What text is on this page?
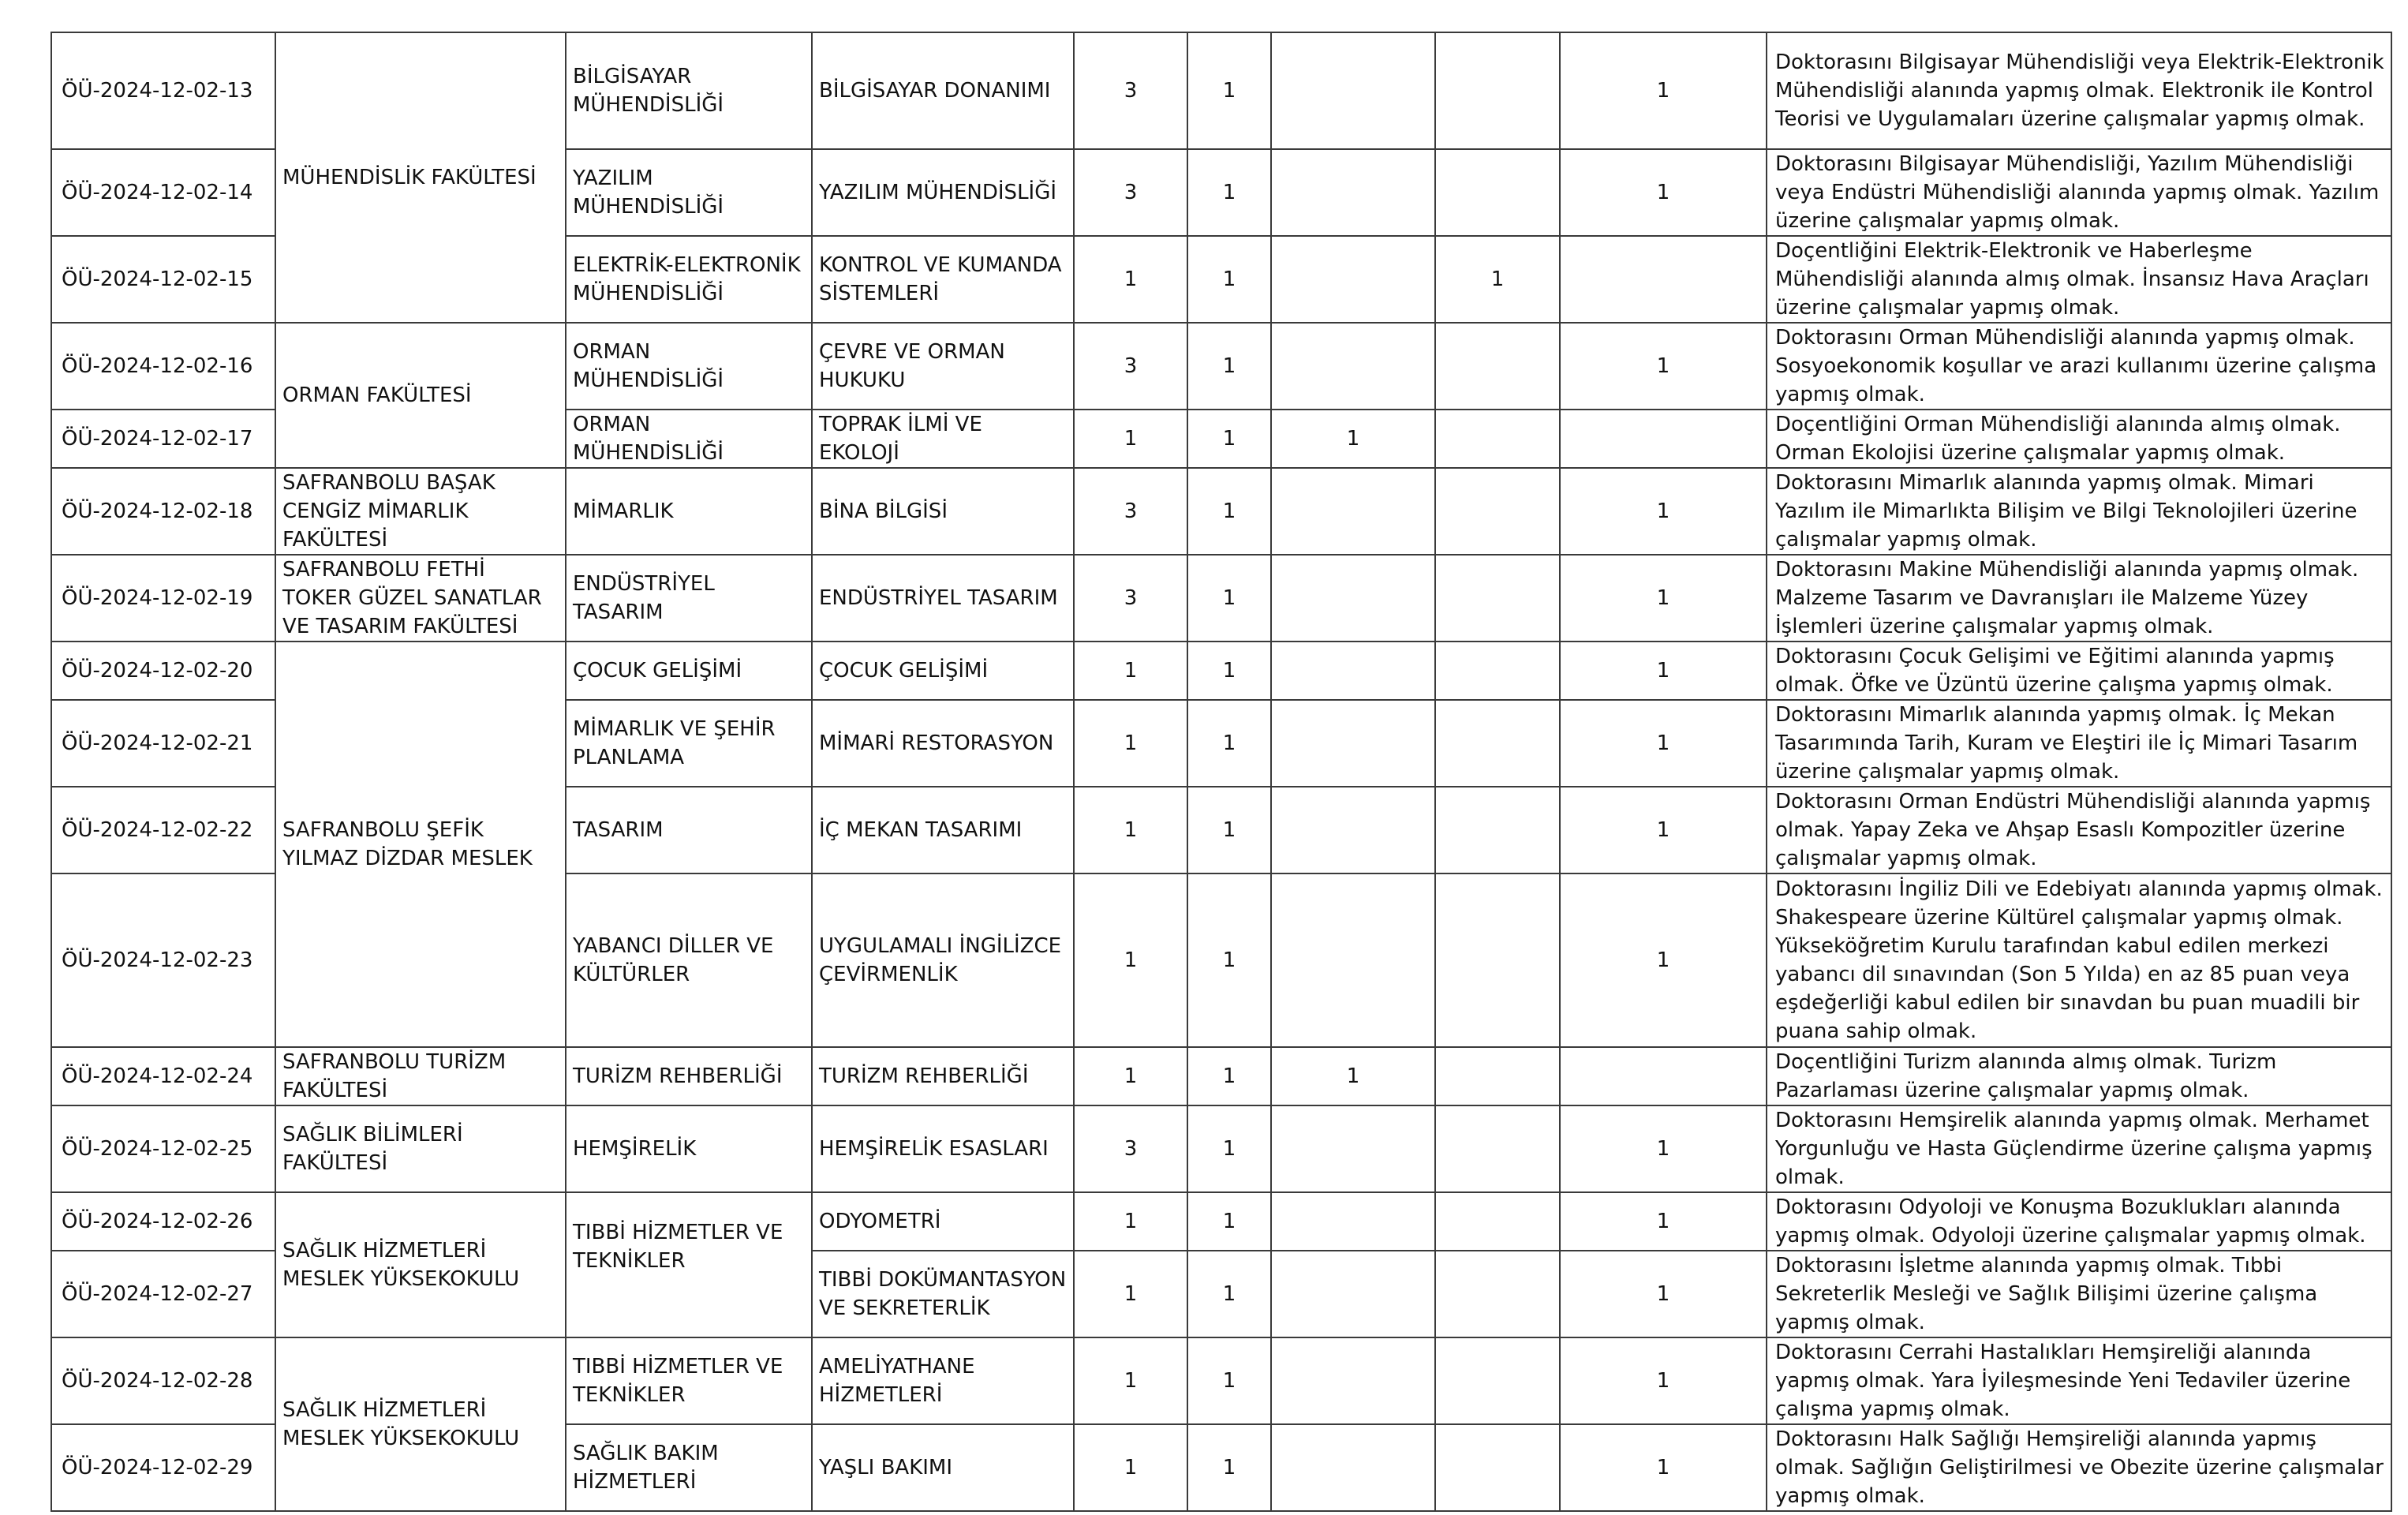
ÖÜ-2024-12-02-13	MÜHENDİSLİK FAKÜLTESİ	BİLGİSAYAR MÜHENDİSLİĞİ	BİLGİSAYAR DONANIMI	3	1			1	Doktorasını Bilgisayar Mühendisliği veya Elektrik-Elektronik Mühendisliği alanında yapmış olmak. Elektronik ile Kontrol Teorisi ve Uygulamaları üzerine çalışmalar yapmış olmak.
ÖÜ-2024-12-02-14		YAZILIM MÜHENDİSLİĞİ	YAZILIM MÜHENDİSLİĞİ	3	1			1	Doktorasını Bilgisayar Mühendisliği, Yazılım Mühendisliği veya Endüstri Mühendisliği alanında yapmış olmak. Yazılım üzerine çalışmalar yapmış olmak.
ÖÜ-2024-12-02-15		ELEKTRİK-ELEKTRONİK MÜHENDİSLİĞİ	KONTROL VE KUMANDA SİSTEMLERİ	1	1		1		Doçentliğini Elektrik-Elektronik ve Haberleşme Mühendisliği alanında almış olmak. İnsansız Hava Araçları üzerine çalışmalar yapmış olmak.
ÖÜ-2024-12-02-16	ORMAN FAKÜLTESİ	ORMAN MÜHENDİSLİĞİ	ÇEVRE VE ORMAN HUKUKU	3	1			1	Doktorasını Orman Mühendisliği alanında yapmış olmak. Sosyoekonomik koşullar ve arazi kullanımı üzerine çalışma yapmış olmak.
ÖÜ-2024-12-02-17		ORMAN MÜHENDİSLİĞİ	TOPRAK İLMİ VE EKOLOJİ	1	1	1			Doçentliğini Orman Mühendisliği alanında almış olmak. Orman Ekolojisi üzerine çalışmalar yapmış olmak.
ÖÜ-2024-12-02-18	SAFRANBOLU BAŞAK CENGİZ MİMARLIK FAKÜLTESİ	MİMARLIK	BİNA BİLGİSİ	3	1			1	Doktorasını Mimarlık alanında yapmış olmak. Mimari Yazılım ile Mimarlıkta Bilişim ve Bilgi Teknolojileri üzerine çalışmalar yapmış olmak.
ÖÜ-2024-12-02-19	SAFRANBOLU FETHİ TOKER GÜZEL SANATLAR VE TASARIM FAKÜLTESİ	ENDÜSTRİYEL TASARIM	ENDÜSTRİYEL TASARIM	3	1			1	Doktorasını Makine Mühendisliği alanında yapmış olmak. Malzeme Tasarım ve Davranışları ile Malzeme Yüzey İşlemleri üzerine çalışmalar yapmış olmak.
ÖÜ-2024-12-02-20	SAFRANBOLU ŞEFİK YILMAZ DİZDAR MESLEK	ÇOCUK GELİŞİMİ	ÇOCUK GELİŞİMİ	1	1			1	Doktorasını Çocuk Gelişimi ve Eğitimi alanında yapmış olmak. Öfke ve Üzüntü üzerine çalışma yapmış olmak.
ÖÜ-2024-12-02-21		MİMARLIK VE ŞEHİR PLANLAMA	MİMARİ RESTORASYON	1	1			1	Doktorasını Mimarlık alanında yapmış olmak. İç Mekan Tasarımında Tarih, Kuram ve Eleştiri ile İç Mimari Tasarım üzerine çalışmalar yapmış olmak.
ÖÜ-2024-12-02-22		TASARIM	İÇ MEKAN TASARIMI	1	1			1	Doktorasını Orman Endüstri Mühendisliği alanında yapmış olmak. Yapay Zeka ve Ahşap Esaslı Kompozitler üzerine çalışmalar yapmış olmak.
ÖÜ-2024-12-02-23		YABANCI DİLLER VE KÜLTÜRLER	UYGULAMALI İNGİLİZCE ÇEVİRMENLİK	1	1			1	Doktorasını İngiliz Dili ve Edebiyatı alanında yapmış olmak. Shakespeare üzerine Kültürel çalışmalar yapmış olmak. Yükseköğretim Kurulu tarafından kabul edilen merkezi yabancı dil sınavından (Son 5 Yılda) en az 85 puan veya eşdeğerliği kabul edilen bir sınavdan bu puan muadili bir puana sahip olmak.
ÖÜ-2024-12-02-24	SAFRANBOLU TURİZM FAKÜLTESİ	TURİZM REHBERLİĞİ	TURİZM REHBERLİĞİ	1	1	1			Doçentliğini Turizm alanında almış olmak. Turizm Pazarlaması üzerine çalışmalar yapmış olmak.
ÖÜ-2024-12-02-25	SAĞLIK BİLİMLERİ FAKÜLTESİ	HEMŞİRELİK	HEMŞİRELİK ESASLARI	3	1			1	Doktorasını Hemşirelik alanında yapmış olmak. Merhamet Yorgunluğu ve Hasta Güçlendirme üzerine çalışma yapmış olmak.
ÖÜ-2024-12-02-26	SAĞLIK HİZMETLERİ MESLEK YÜKSEKOKULU	TIBBİ HİZMETLER VE TEKNİKLER	ODYOMETRİ	1	1			1	Doktorasını Odyoloji ve Konuşma Bozuklukları alanında yapmış olmak. Odyoloji üzerine çalışmalar yapmış olmak.
ÖÜ-2024-12-02-27			TIBBİ DOKÜMANTASYON VE SEKRETERLİK	1	1			1	Doktorasını İşletme alanında yapmış olmak. Tıbbi Sekreterlik Mesleği ve Sağlık Bilişimi üzerine çalışma yapmış olmak.
ÖÜ-2024-12-02-28	SAĞLIK HİZMETLERİ MESLEK YÜKSEKOKULU	TIBBİ HİZMETLER VE TEKNİKLER	AMELİYATHANE HİZMETLERİ	1	1			1	Doktorasını Cerrahi Hastalıkları Hemşireliği alanında yapmış olmak. Yara İyileşmesinde Yeni Tedaviler üzerine çalışma yapmış olmak.
ÖÜ-2024-12-02-29		SAĞLIK BAKIM HİZMETLERİ	YAŞLI BAKIMI	1	1			1	Doktorasını Halk Sağlığı Hemşireliği alanında yapmış olmak. Sağlığın Geliştirilmesi ve Obezite üzerine çalışmalar yapmış olmak.
